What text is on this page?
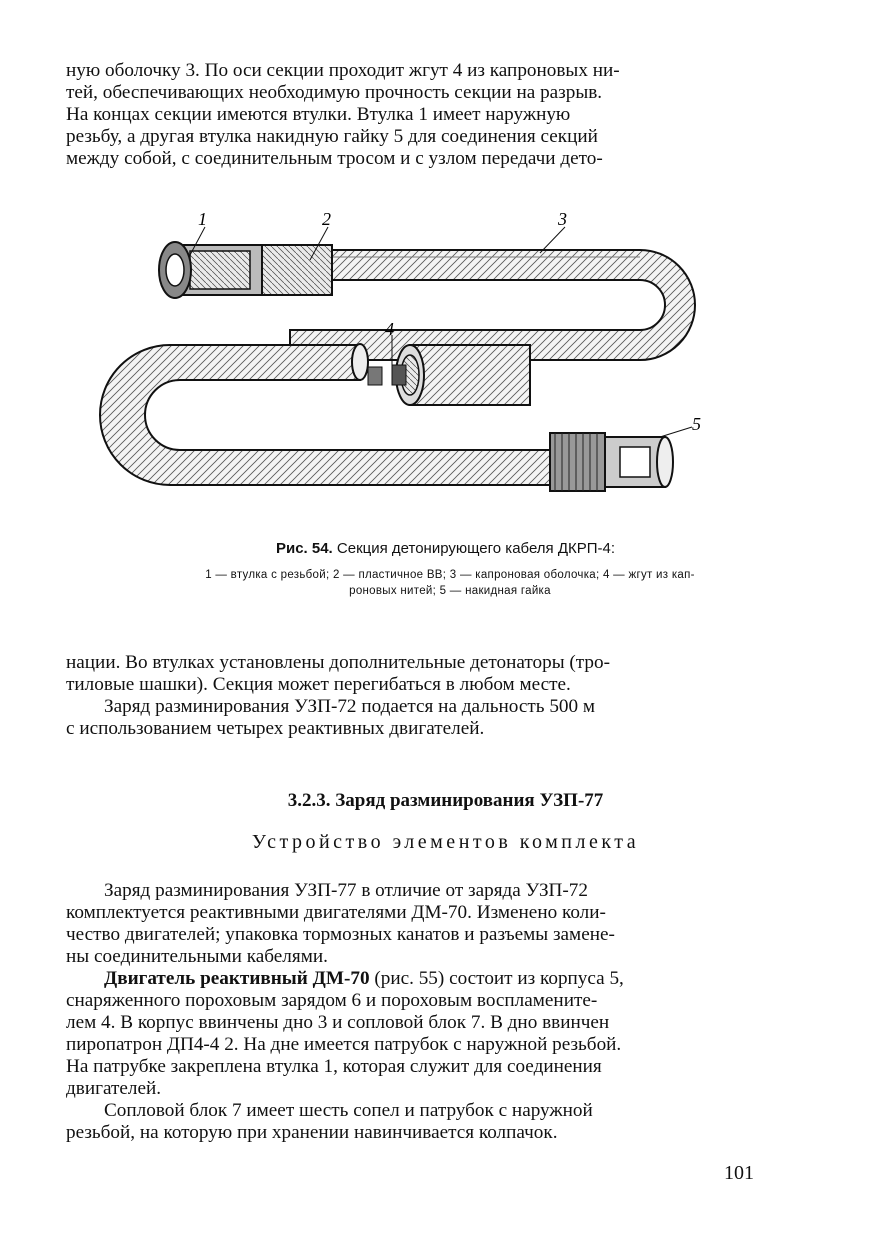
ную оболочку 3. По оси секции проходит жгут 4 из капроновых ни-
тей, обеспечивающих необходимую прочность секции на разрыв.
На концах секции имеются втулки. Втулка 1 имеет наружную
резьбу, а другая втулка накидную гайку 5 для соединения секций
между собой, с соединительным тросом и с узлом передачи дето-
1	2	3
4
5
Рис. 54. Секция детонирующего кабеля ДКРП-4:
1 — втулка с резьбой; 2 — пластичное ВВ; 3 — капроновая оболочка; 4 — жгут из кап-
роновых нитей; 5 — накидная гайка
нации. Во втулках установлены дополнительные детонаторы (тро-
тиловые шашки). Секция может перегибаться в любом месте.
Заряд разминирования УЗП-72 подается на дальность 500 м
с использованием четырех реактивных двигателей.
3.2.3. Заряд разминирования УЗП-77
Устройство элементов комплекта
Заряд разминирования УЗП-77 в отличие от заряда УЗП-72
комплектуется реактивными двигателями ДМ-70. Изменено коли-
чество двигателей; упаковка тормозных канатов и разъемы замене-
ны соединительными кабелями.
Двигатель реактивный ДМ-70 (рис. 55) состоит из корпуса 5,
снаряженного пороховым зарядом 6 и пороховым воспламените-
лем 4. В корпус ввинчены дно 3 и сопловой блок 7. В дно ввинчен
пиропатрон ДП4-4 2. На дне имеется патрубок с наружной резьбой.
На патрубке закреплена втулка 1, которая служит для соединения
двигателей.
Сопловой блок 7 имеет шесть сопел и патрубок с наружной
резьбой, на которую при хранении навинчивается колпачок.
101
